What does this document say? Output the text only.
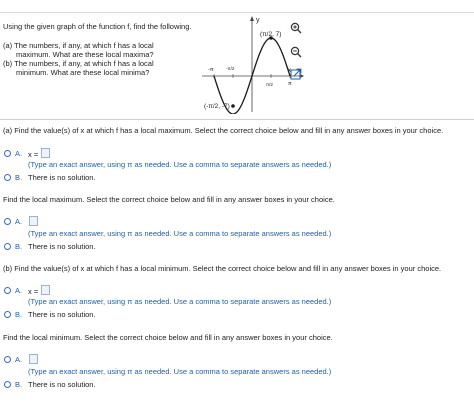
Using the given graph of the function f, find the following.
(a) The numbers, if any, at which f has a local
maximum. What are these local maxima?
(b) The numbers, if any, at which f has a local
minimum. What are these local minima?
y
x
-π
π
-π/2
π/2
(π/2, 7)
(-π/2, -7)
(a) Find the value(s) of x at which f has a local maximum. Select the correct choice below and fill in any answer boxes in your choice.
A. x =
(Type an exact answer, using π as needed. Use a comma to separate answers as needed.)
B. There is no solution.
Find the local maximum. Select the correct choice below and fill in any answer boxes in your choice.
A.
(Type an exact answer, using π as needed. Use a comma to separate answers as needed.)
B. There is no solution.
(b) Find the value(s) of x at which f has a local minimum. Select the correct choice below and fill in any answer boxes in your choice.
A. x =
(Type an exact answer, using π as needed. Use a comma to separate answers as needed.)
B. There is no solution.
Find the local minimum. Select the correct choice below and fill in any answer boxes in your choice.
A.
(Type an exact answer, using π as needed. Use a comma to separate answers as needed.)
B. There is no solution.
